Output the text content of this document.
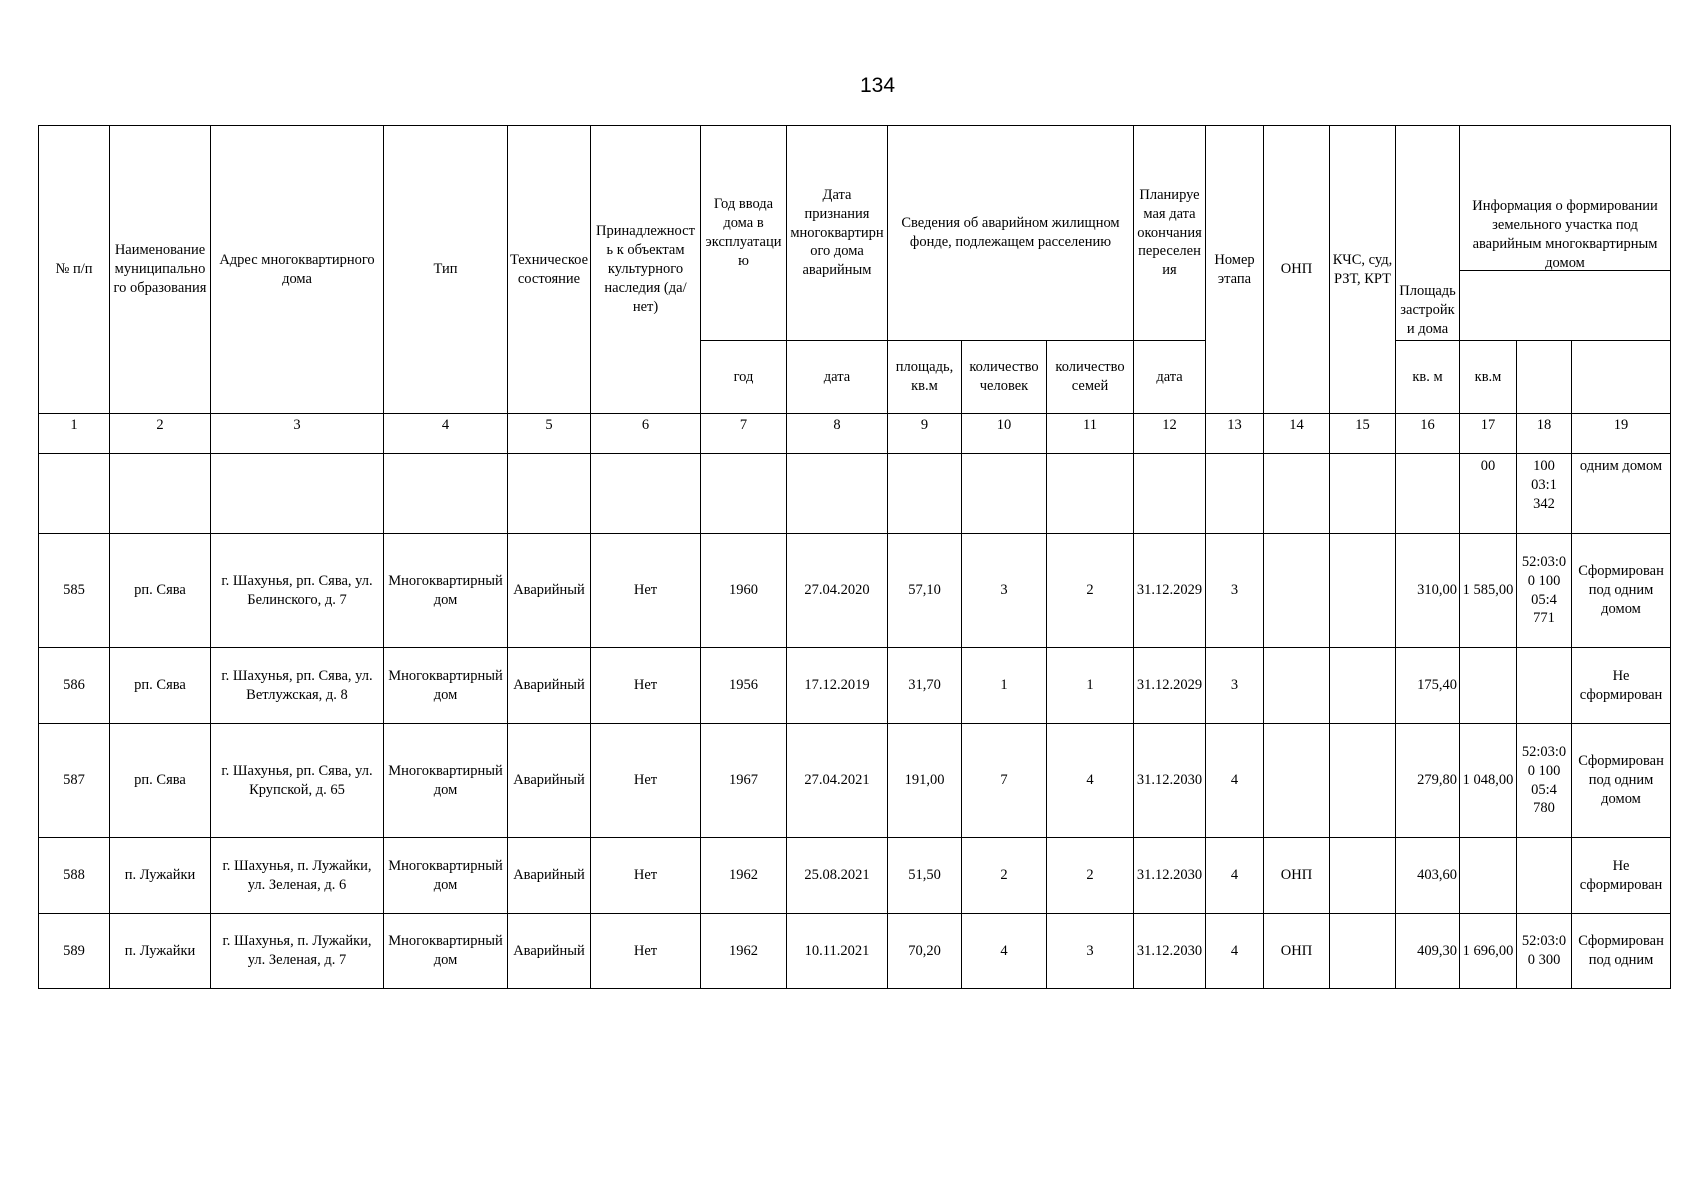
134
№ п/п	Наименование муниципального образования	Адрес многоквартирного дома	Тип	Техническое состояние	Принадлежность к объектам культурного наследия (да/нет)	Год ввода дома в эксплуатацию	Дата признания многоквартирного дома аварийным	Сведения об аварийном жилищном фонде, подлежащем расселению			Планируемая дата окончания переселения	Номер этапа	ОНП	КЧС, суд, РЗТ, КРТ	Площадь застройки дома	Информация о формировании земельного участка под аварийным многоквартирным домом		

						год	дата	площадь, кв.м	количество человек	количество семей	дата				кв. м	кв.м		
1	2	3	4	5	6	7	8	9	10	11	12	13	14	15	16	17	18	19
																00	100 03:1 342	одним домом
585	рп. Сява	г. Шахунья, рп. Сява, ул. Белинского, д. 7	Многоквартирный дом	Аварийный	Нет	1960	27.04.2020	57,10	3	2	31.12.2029	3			310,00	1 585,00	52:03:00 100 05:4 771	Сформирован под одним домом
586	рп. Сява	г. Шахунья, рп. Сява, ул. Ветлужская, д. 8	Многоквартирный дом	Аварийный	Нет	1956	17.12.2019	31,70	1	1	31.12.2029	3			175,40			Не сформирован
587	рп. Сява	г. Шахунья, рп. Сява, ул. Крупской, д. 65	Многоквартирный дом	Аварийный	Нет	1967	27.04.2021	191,00	7	4	31.12.2030	4			279,80	1 048,00	52:03:00 100 05:4 780	Сформирован под одним домом
588	п. Лужайки	г. Шахунья, п. Лужайки, ул. Зеленая, д. 6	Многоквартирный дом	Аварийный	Нет	1962	25.08.2021	51,50	2	2	31.12.2030	4	ОНП		403,60			Не сформирован
589	п. Лужайки	г. Шахунья, п. Лужайки, ул. Зеленая, д. 7	Многоквартирный дом	Аварийный	Нет	1962	10.11.2021	70,20	4	3	31.12.2030	4	ОНП		409,30	1 696,00	52:03:00 300	Сформирован под одним
